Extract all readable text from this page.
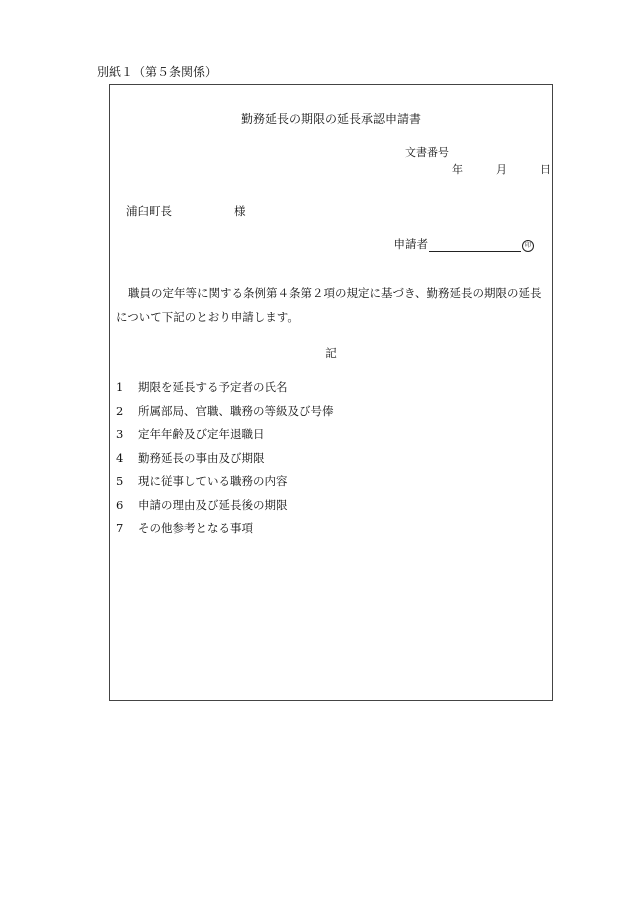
別紙１（第５条関係）
勤務延長の期限の延長承認申請書
文書番号
年	月	日
浦臼町長	様
申請者	印
職員の定年等に関する条例第４条第２項の規定に基づき、勤務延長の期限の延長について下記のとおり申請します。
記
1 期限を延長する予定者の氏名
2 所属部局、官職、職務の等級及び号俸
3 定年年齢及び定年退職日
4 勤務延長の事由及び期限
5 現に従事している職務の内容
6 申請の理由及び延長後の期限
7 その他参考となる事項
